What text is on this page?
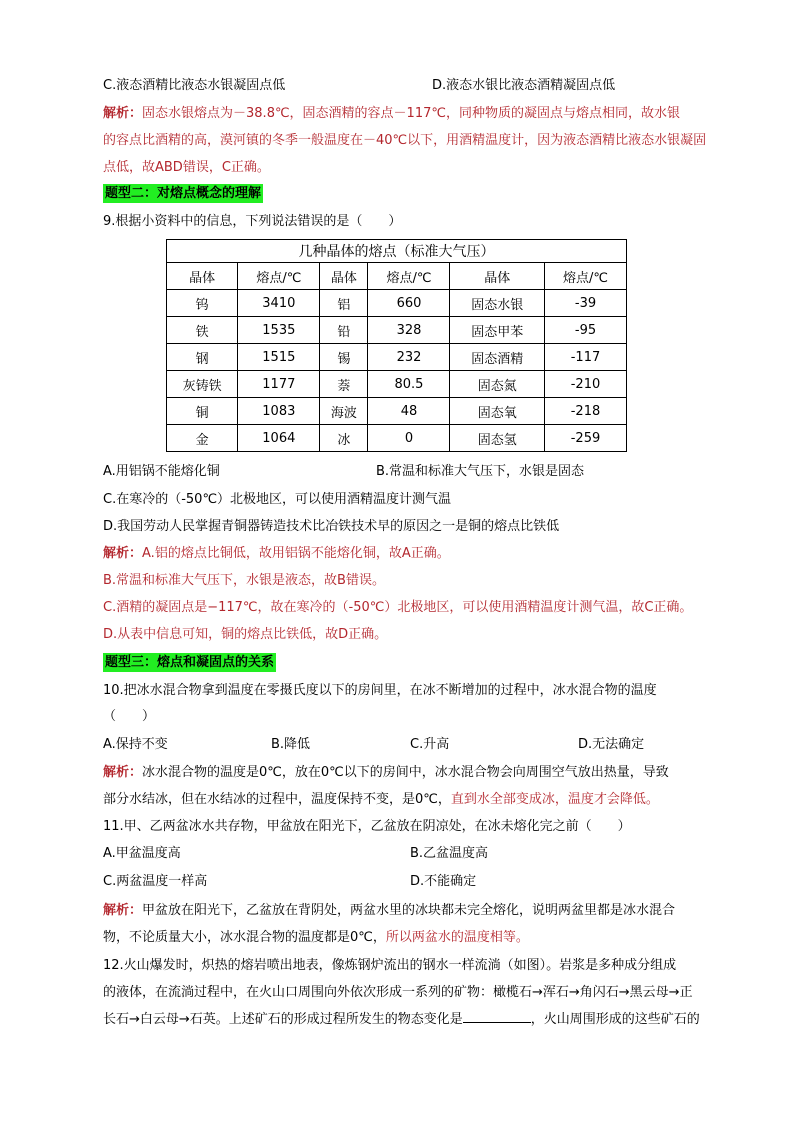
C.液态酒精比液态水银凝固点低	D.液态水银比液态酒精凝固点低
解析：固态水银熔点为－38.8℃，固态酒精的容点－117℃，同种物质的凝固点与熔点相同，故水银
的容点比酒精的高，漠河镇的冬季一般温度在－40℃以下，用酒精温度计，因为液态酒精比液态水银凝固
点低，故ABD错误，C正确。
题型二：对熔点概念的理解
9.根据小资料中的信息，下列说法错误的是（　　）
几种晶体的熔点（标准大气压）					
晶体	熔点/℃	晶体	熔点/℃	晶体	熔点/℃
钨	3410	铝	660	固态水银	-39
铁	1535	铅	328	固态甲苯	-95
钢	1515	锡	232	固态酒精	-117
灰铸铁	1177	萘	80.5	固态氮	-210
铜	1083	海波	48	固态氧	-218
金	1064	冰	0	固态氢	-259
A.用铝锅不能熔化铜	B.常温和标准大气压下，水银是固态
C.在寒冷的（-50℃）北极地区，可以使用酒精温度计测气温
D.我国劳动人民掌握青铜器铸造技术比冶铁技术早的原因之一是铜的熔点比铁低
解析：A.铝的熔点比铜低，故用铝锅不能熔化铜，故A正确。
B.常温和标准大气压下，水银是液态，故B错误。
C.酒精的凝固点是−117℃，故在寒冷的（-50℃）北极地区，可以使用酒精温度计测气温，故C正确。
D.从表中信息可知，铜的熔点比铁低，故D正确。
题型三：熔点和凝固点的关系
10.把冰水混合物拿到温度在零摄氏度以下的房间里，在冰不断增加的过程中，冰水混合物的温度
（　　）
A.保持不变	B.降低	C.升高	D.无法确定
解析：冰水混合物的温度是0℃，放在0℃以下的房间中，冰水混合物会向周围空气放出热量，导致
部分水结冰，但在水结冰的过程中，温度保持不变，是0℃，直到水全部变成冰，温度才会降低。
11.甲、乙两盆冰水共存物，甲盆放在阳光下，乙盆放在阴凉处，在冰未熔化完之前（　　）
A.甲盆温度高	B.乙盆温度高
C.两盆温度一样高	D.不能确定
解析：甲盆放在阳光下，乙盆放在背阴处，两盆水里的冰块都未完全熔化，说明两盆里都是冰水混合
物，不论质量大小，冰水混合物的温度都是0℃，所以两盆水的温度相等。
12.火山爆发时，炽热的熔岩喷出地表，像炼钢炉流出的钢水一样流淌（如图）。岩浆是多种成分组成
的液体，在流淌过程中，在火山口周围向外依次形成一系列的矿物：橄榄石→浑石→角闪石→黑云母→正
长石→白云母→石英。上述矿石的形成过程所发生的物态变化是	，火山周围形成的这些矿石的
